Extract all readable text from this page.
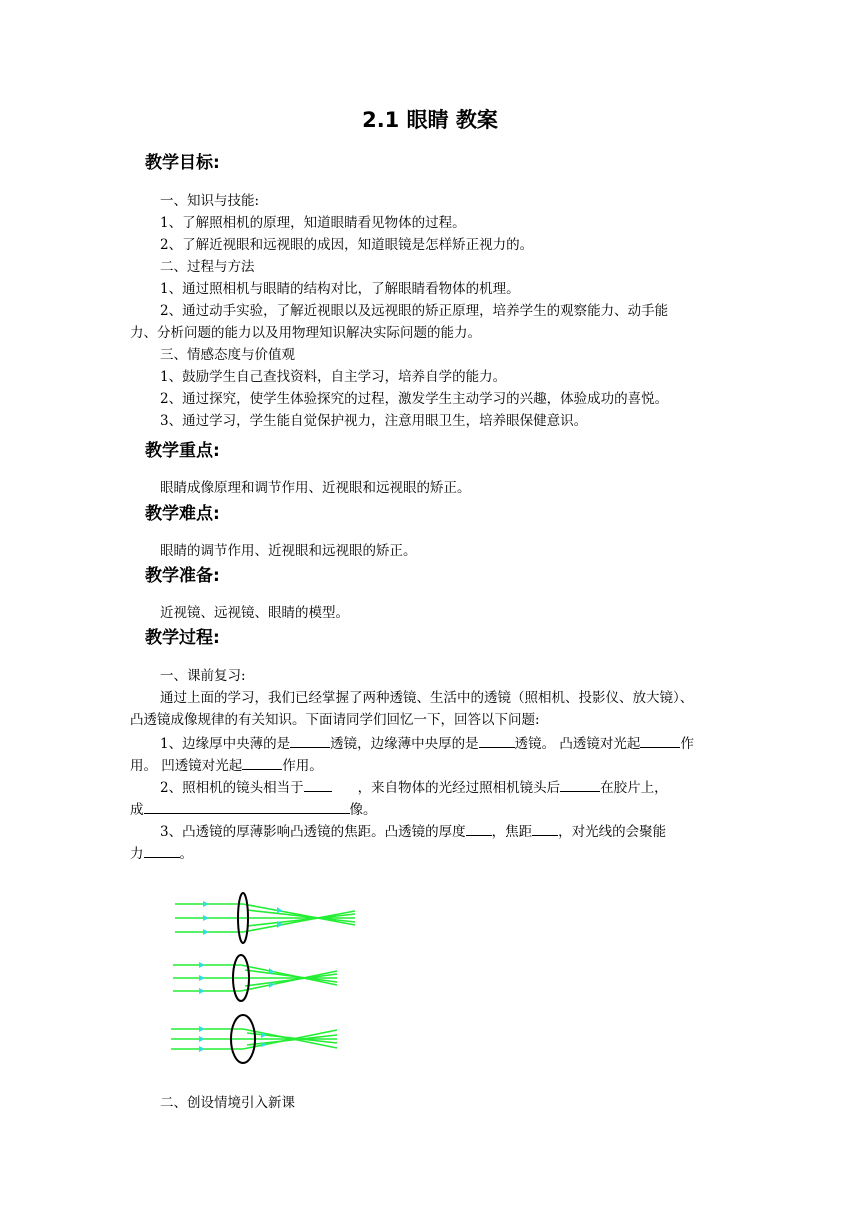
2.1 眼睛 教案
教学目标:
一、知识与技能:
1、了解照相机的原理，知道眼睛看见物体的过程。
2、了解近视眼和远视眼的成因，知道眼镜是怎样矫正视力的。
二、过程与方法
1、通过照相机与眼睛的结构对比，了解眼睛看物体的机理。
2、通过动手实验，了解近视眼以及远视眼的矫正原理，培养学生的观察能力、动手能
力、分析问题的能力以及用物理知识解决实际问题的能力。
三、情感态度与价值观
1、鼓励学生自己查找资料，自主学习，培养自学的能力。
2、通过探究，使学生体验探究的过程，激发学生主动学习的兴趣，体验成功的喜悦。
3、通过学习，学生能自觉保护视力，注意用眼卫生，培养眼保健意识。
教学重点:
眼睛成像原理和调节作用、近视眼和远视眼的矫正。
教学难点:
眼睛的调节作用、近视眼和远视眼的矫正。
教学准备:
近视镜、远视镜、眼睛的模型。
教学过程:
一、课前复习:
通过上面的学习，我们已经掌握了两种透镜、生活中的透镜（照相机、投影仪、放大镜）、
凸透镜成像规律的有关知识。下面请同学们回忆一下，回答以下问题:
1、边缘厚中央薄的是	透镜，边缘薄中央厚的是	透镜。 凸透镜对光起	作
用。 凹透镜对光起	作用。
2、照相机的镜头相当于	，来自物体的光经过照相机镜头后	在胶片上，
成	像。
3、凸透镜的厚薄影响凸透镜的焦距。凸透镜的厚度 ，焦距 ，对光线的会聚能
力	。
二、创设情境引入新课
